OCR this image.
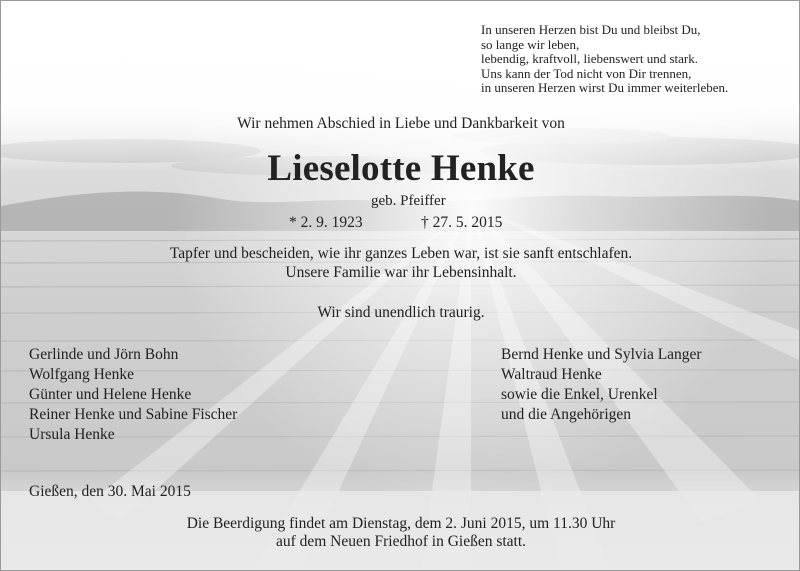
In unseren Herzen bist Du und bleibst Du,
so lange wir leben,
lebendig, kraftvoll, liebenswert und stark.
Uns kann der Tod nicht von Dir trennen,
in unseren Herzen wirst Du immer weiterleben.
Wir nehmen Abschied in Liebe und Dankbarkeit von
Lieselotte Henke
geb. Pfeiffer
* 2. 9. 1923	† 27. 5. 2015
Tapfer und bescheiden, wie ihr ganzes Leben war, ist sie sanft entschlafen.
Unsere Familie war ihr Lebensinhalt.
Wir sind unendlich traurig.
Gerlinde und Jörn Bohn
Wolfgang Henke
Günter und Helene Henke
Reiner Henke und Sabine Fischer
Ursula Henke
Bernd Henke und Sylvia Langer
Waltraud Henke
sowie die Enkel, Urenkel
und die Angehörigen
Gießen, den 30. Mai 2015
Die Beerdigung findet am Dienstag, dem 2. Juni 2015, um 11.30 Uhr
auf dem Neuen Friedhof in Gießen statt.
